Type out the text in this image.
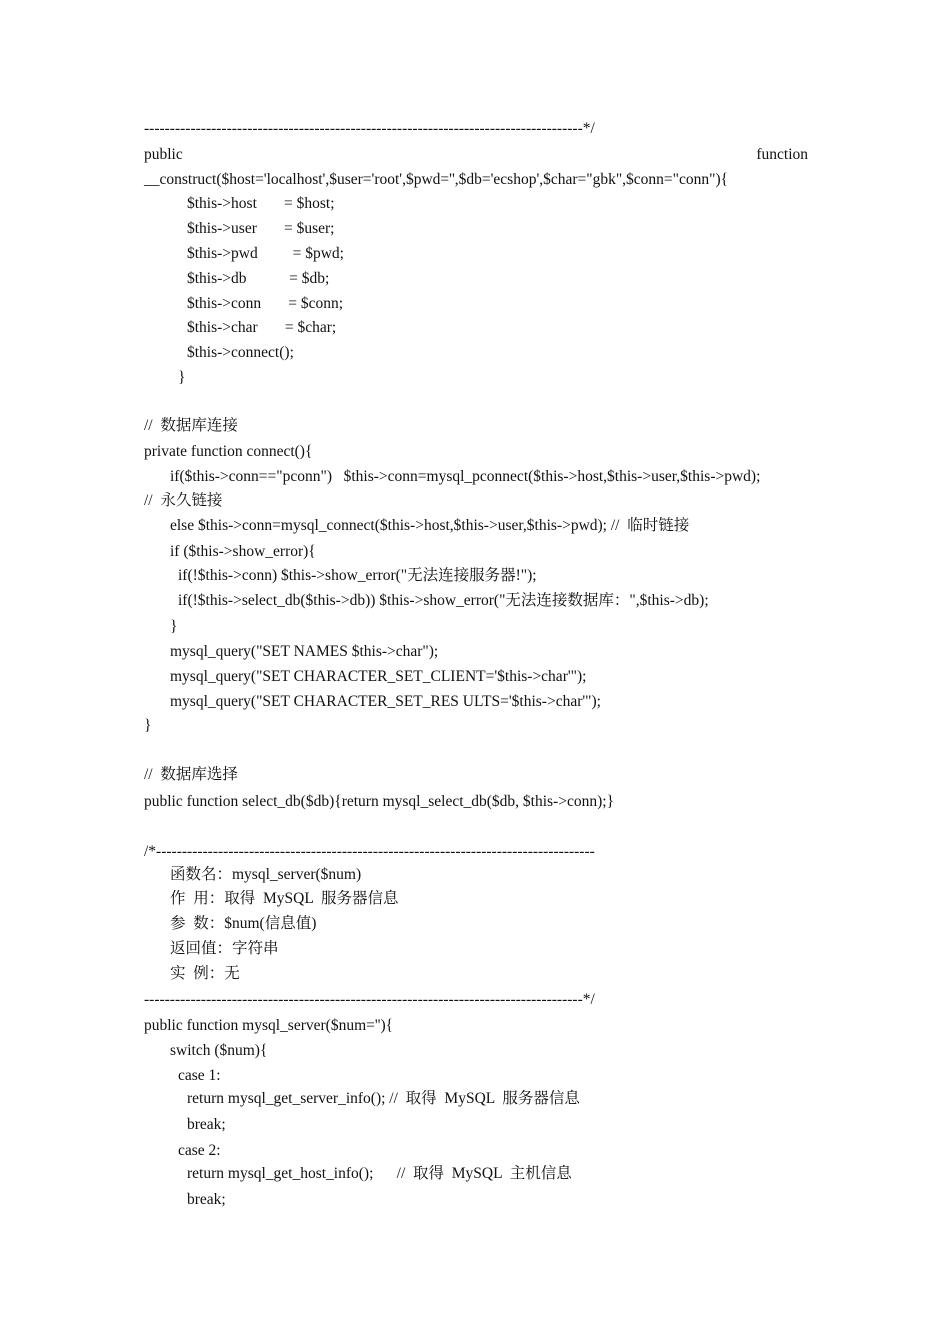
-------------------------------------------------------------------------------------*/
public	function
__construct($host='localhost',$user='root',$pwd='',$db='ecshop',$char="gbk",$conn="conn"){
$this->host       = $host;
$this->user       = $user;
$this->pwd         = $pwd;
$this->db           = $db;
$this->conn       = $conn;
$this->char       = $char;
$this->connect();
}
//  数据库连接
private function connect(){
if($this->conn=="pconn")   $this->conn=mysql_pconnect($this->host,$this->user,$this->pwd);
//  永久链接
else $this->conn=mysql_connect($this->host,$this->user,$this->pwd); //  临时链接
if ($this->show_error){
if(!$this->conn) $this->show_error("无法连接服务器!");
if(!$this->select_db($this->db)) $this->show_error("无法连接数据库：",$this->db);
}
mysql_query("SET NAMES $this->char");
mysql_query("SET CHARACTER_SET_CLIENT='$this->char'");
mysql_query("SET CHARACTER_SET_RES ULTS='$this->char'");
}
//  数据库选择
public function select_db($db){return mysql_select_db($db, $this->conn);}
/*-------------------------------------------------------------------------------------
函数名：mysql_server($num)
作  用：取得  MySQL  服务器信息
参  数：$num(信息值)
返回值：字符串
实  例：无
-------------------------------------------------------------------------------------*/
public function mysql_server($num=''){
switch ($num){
case 1:
return mysql_get_server_info(); //  取得  MySQL  服务器信息
break;
case 2:
return mysql_get_host_info();      //  取得  MySQL  主机信息
break;
